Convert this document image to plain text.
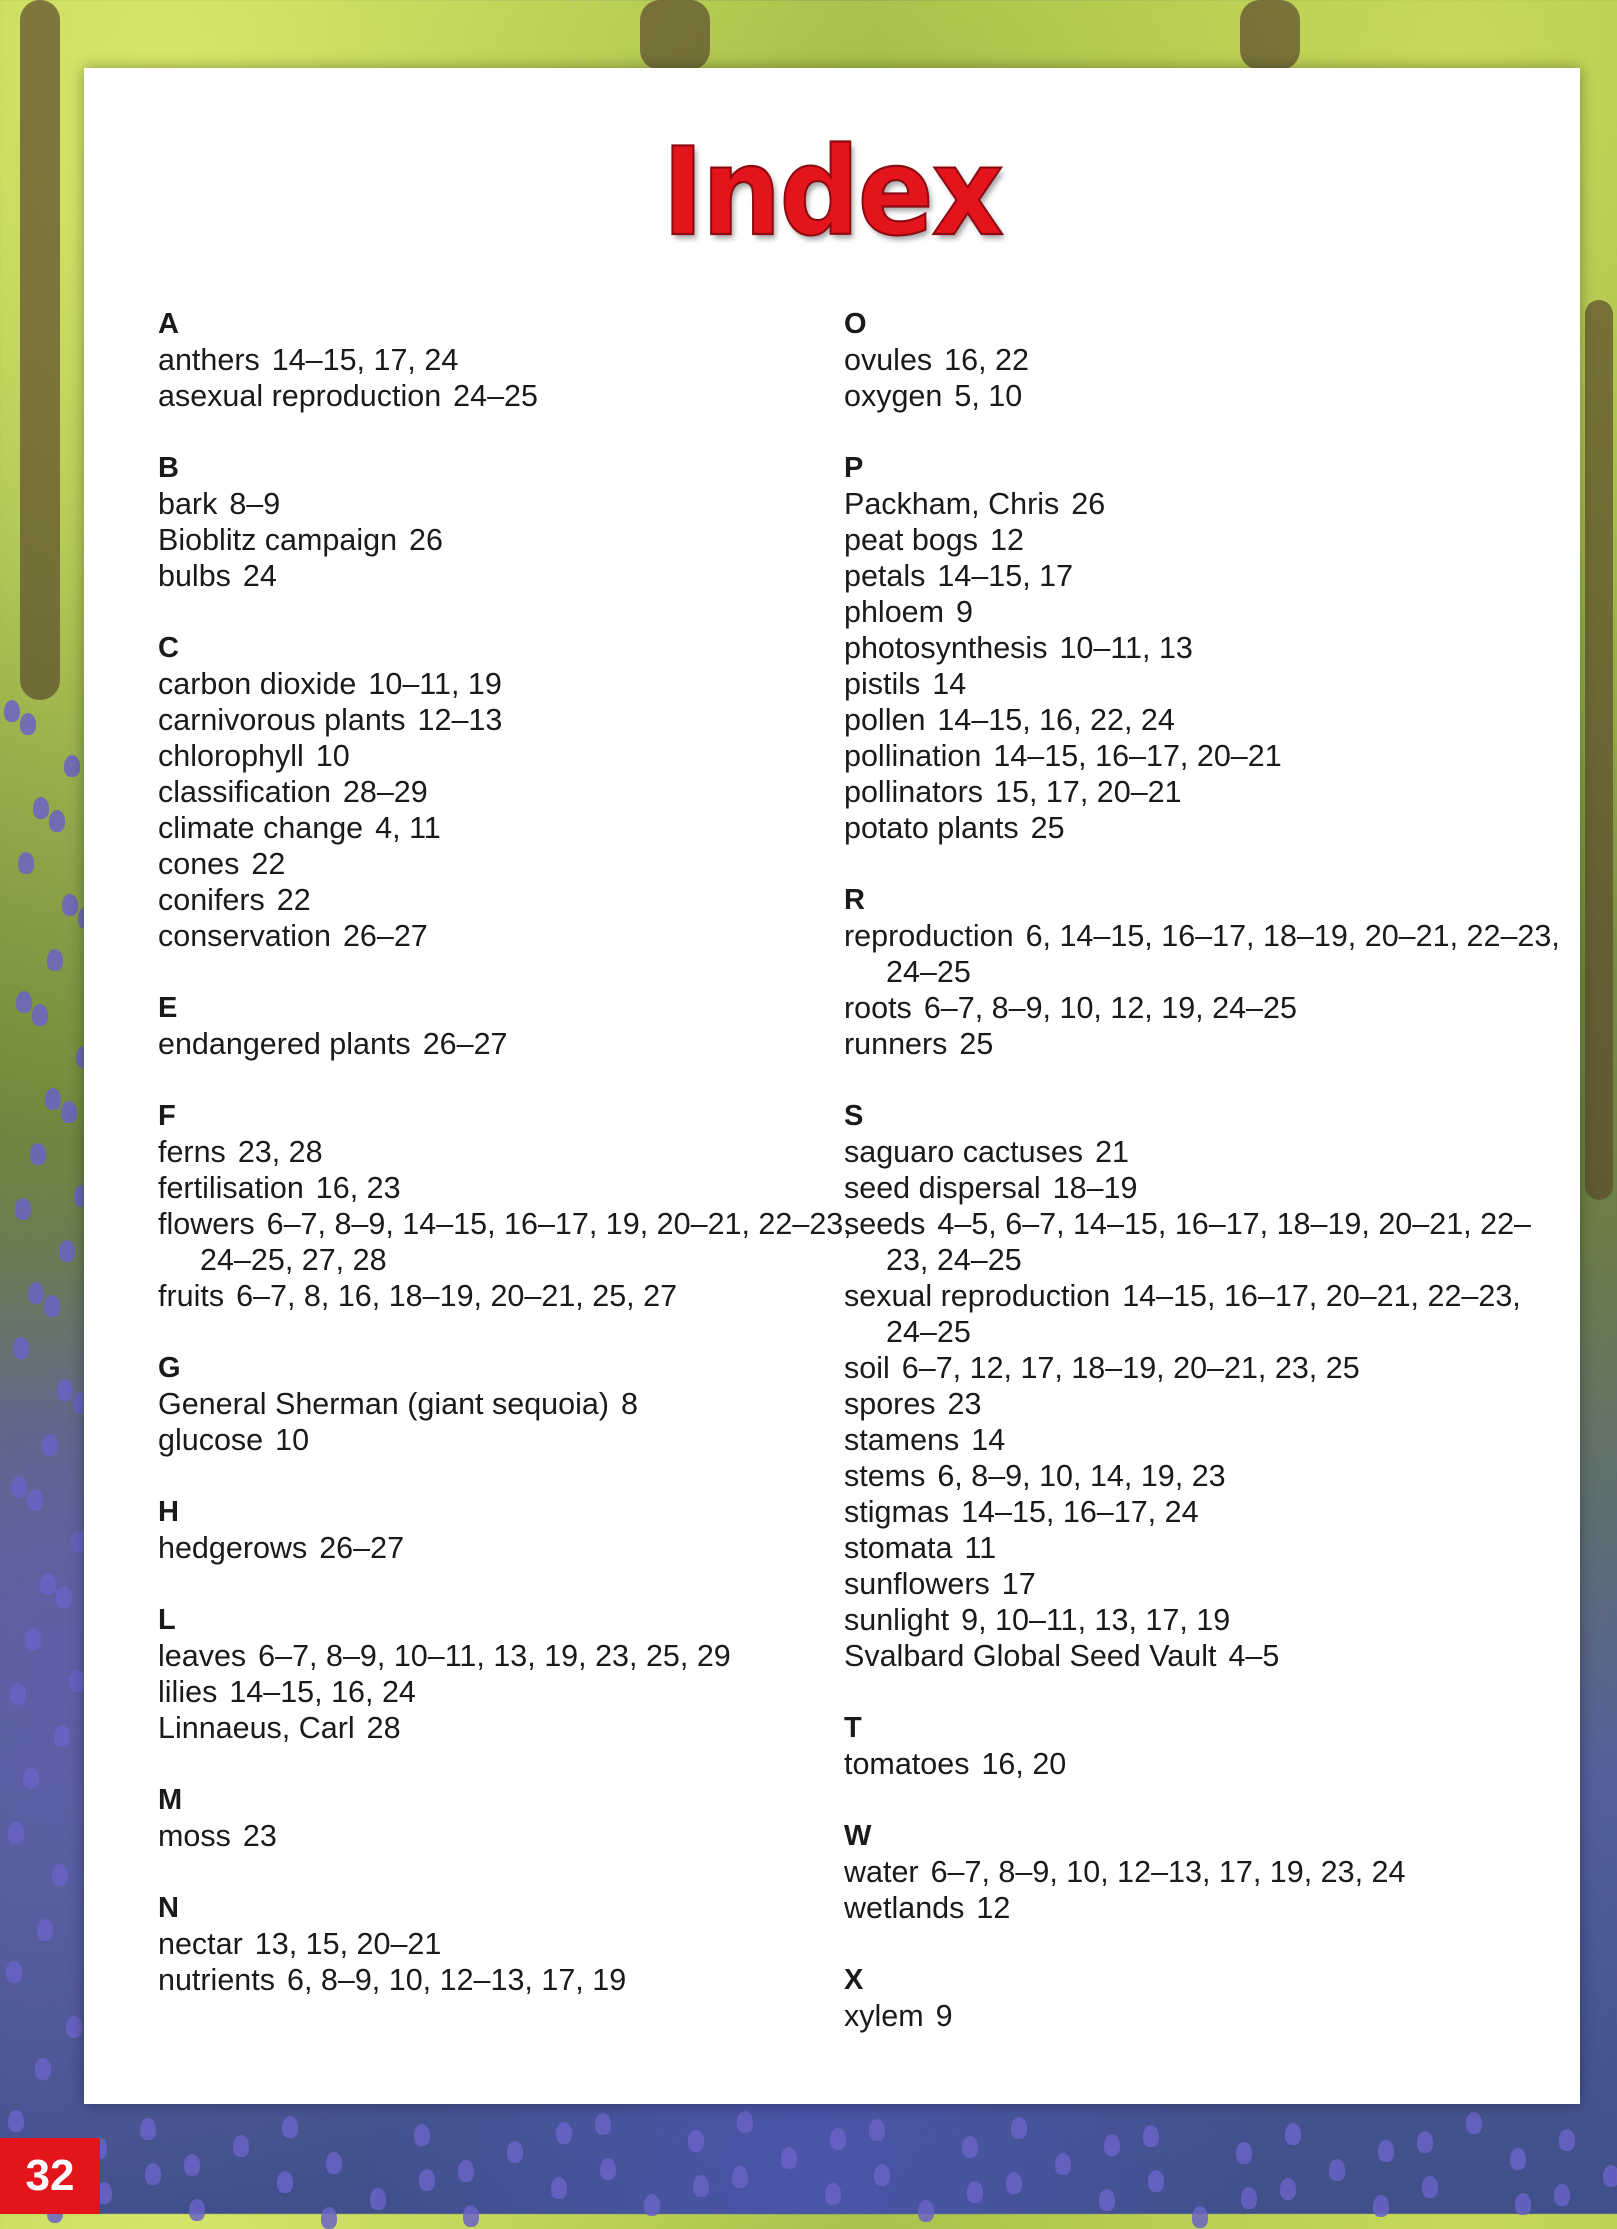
Index
A
anthers 14–15, 17, 24
asexual reproduction 24–25
B
bark 8–9
Bioblitz campaign 26
bulbs 24
C
carbon dioxide 10–11, 19
carnivorous plants 12–13
chlorophyll 10
classification 28–29
climate change 4, 11
cones 22
conifers 22
conservation 26–27
E
endangered plants 26–27
F
ferns 23, 28
fertilisation 16, 23
flowers 6–7, 8–9, 14–15, 16–17, 19, 20–21, 22–23, 24–25, 27, 28
fruits 6–7, 8, 16, 18–19, 20–21, 25, 27
G
General Sherman (giant sequoia) 8
glucose 10
H
hedgerows 26–27
L
leaves 6–7, 8–9, 10–11, 13, 19, 23, 25, 29
lilies 14–15, 16, 24
Linnaeus, Carl 28
M
moss 23
N
nectar 13, 15, 20–21
nutrients 6, 8–9, 10, 12–13, 17, 19
O
ovules 16, 22
oxygen 5, 10
P
Packham, Chris 26
peat bogs 12
petals 14–15, 17
phloem 9
photosynthesis 10–11, 13
pistils 14
pollen 14–15, 16, 22, 24
pollination 14–15, 16–17, 20–21
pollinators 15, 17, 20–21
potato plants 25
R
reproduction 6, 14–15, 16–17, 18–19, 20–21, 22–23, 24–25
roots 6–7, 8–9, 10, 12, 19, 24–25
runners 25
S
saguaro cactuses 21
seed dispersal 18–19
seeds 4–5, 6–7, 14–15, 16–17, 18–19, 20–21, 22–23, 24–25
sexual reproduction 14–15, 16–17, 20–21, 22–23, 24–25
soil 6–7, 12, 17, 18–19, 20–21, 23, 25
spores 23
stamens 14
stems 6, 8–9, 10, 14, 19, 23
stigmas 14–15, 16–17, 24
stomata 11
sunflowers 17
sunlight 9, 10–11, 13, 17, 19
Svalbard Global Seed Vault 4–5
T
tomatoes 16, 20
W
water 6–7, 8–9, 10, 12–13, 17, 19, 23, 24
wetlands 12
X
xylem 9
32
